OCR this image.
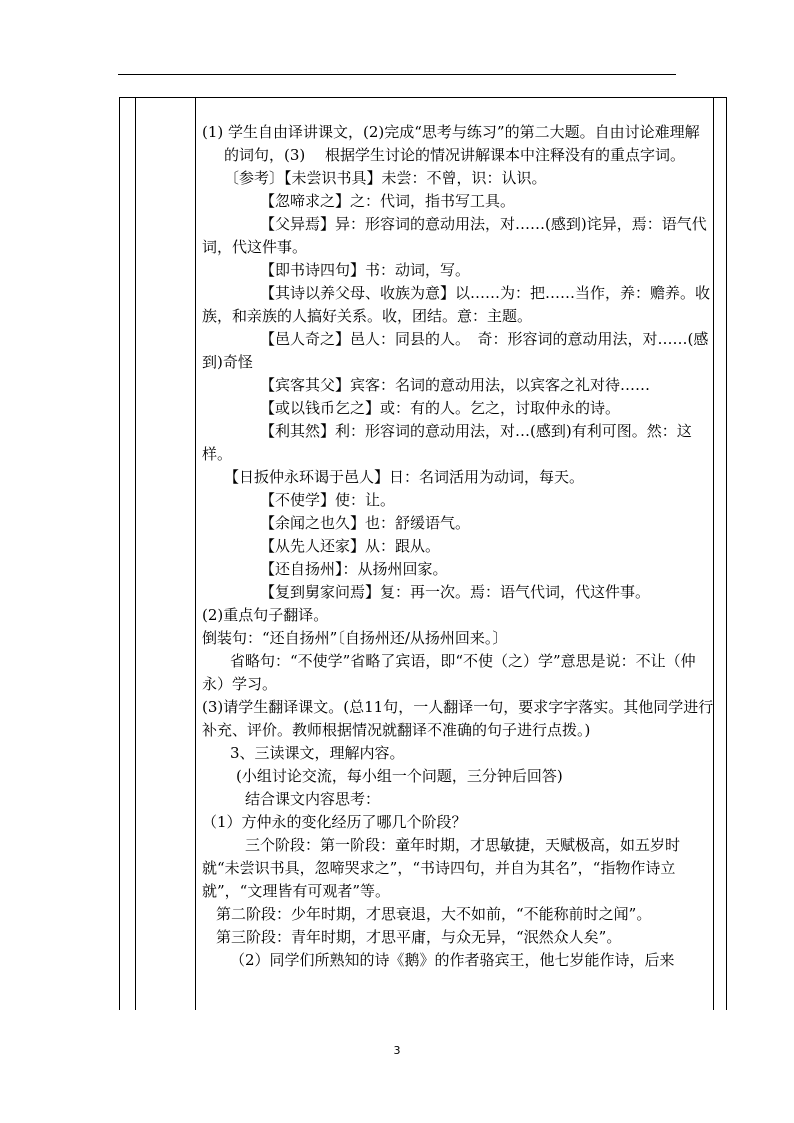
(1) 学生自由译讲课文，(2)完成“思考与练习”的第二大题。自由讨论难理解的词句，(3)　 根据学生讨论的情况讲解课本中注释没有的重点字词。

〔参考〕【未尝识书具】未尝：不曾，识：认识。

【忽啼求之】之：代词，指书写工具。

【父异焉】异：形容词的意动用法，对……(感到)诧异，焉：语气代词，代这件事。

【即书诗四句】书：动词，写。

【其诗以养父母、收族为意】以……为：把……当作，养：赡养。收族，和亲族的人搞好关系。收，团结。意：主题。

【邑人奇之】邑人：同县的人。　奇：形容词的意动用法，对……(感到)奇怪

【宾客其父】宾客：名词的意动用法，以宾客之礼对待……

【或以钱币乞之】或：有的人。乞之，讨取仲永的诗。

【利其然】利：形容词的意动用法，对…(感到)有利可图。然：这样。

【日扳仲永环谒于邑人】日：名词活用为动词，每天。

【不使学】使：让。

【余闻之也久】也：舒缓语气。

【从先人还家】从：跟从。

【还自扬州】：从扬州回家。

【复到舅家问焉】复：再一次。焉：语气代词，代这件事。

(2)重点句子翻译。

倒装句：“还自扬州”〔自扬州还/从扬州回来。〕

省略句：“不使学”省略了宾语，即“不使（之）学”意思是说：不让（仲永）学习。

(3)请学生翻译课文。(总11句，一人翻译一句，要求字字落实。其他同学进行补充、评价。教师根据情况就翻译不准确的句子进行点拨。)

3、三读课文，理解内容。

(小组讨论交流，每小组一个问题，三分钟后回答)

结合课文内容思考：

（1）方仲永的变化经历了哪几个阶段？

三个阶段：第一阶段：童年时期，才思敏捷，天赋极高，如五岁时就“未尝识书具，忽啼哭求之”，“书诗四句，并自为其名”，“指物作诗立就”，“文理皆有可观者”等。

第二阶段：少年时期，才思衰退，大不如前，“不能称前时之闻”。

第三阶段：青年时期，才思平庸，与众无异，“泯然众人矣”。

（2）同学们所熟知的诗《鹅》的作者骆宾王，他七岁能作诗，后来

3
